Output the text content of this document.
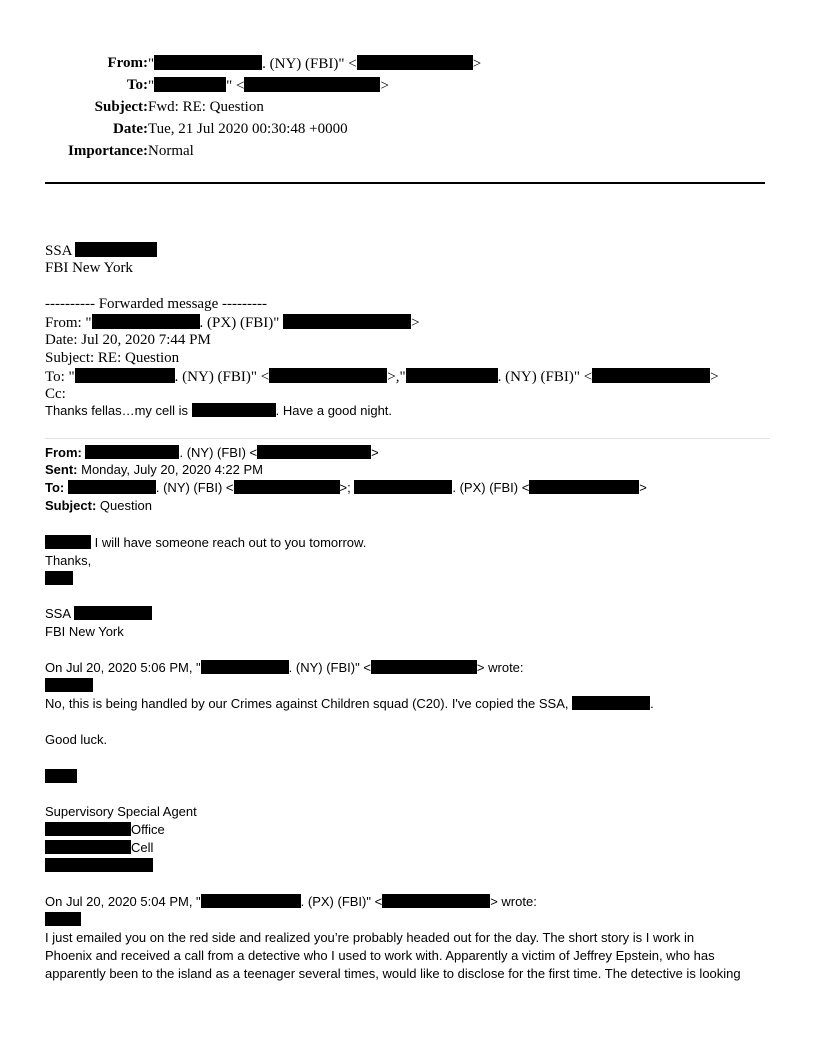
From: "	. (NY) (FBI)" <	>
To: "	" <	>
Subject: Fwd: RE: Question
Date: Tue, 21 Jul 2020 00:30:48 +0000
Importance: Normal
SSA
FBI New York
---------- Forwarded message ---------
From: "	. (PX) (FBI)"	>
Date: Jul 20, 2020 7:44 PM
Subject: RE: Question
To: "	. (NY) (FBI)" <	>,"	. (NY) (FBI)" <	>
Cc:
Thanks fellas…my cell is	. Have a good night.
From:	. (NY) (FBI) <	>
Sent: Monday, July 20, 2020 4:22 PM
To:	. (NY) (FBI) <	>;	. (PX) (FBI) <	>
Subject: Question
I will have someone reach out to you tomorrow.
Thanks,
SSA
FBI New York
On Jul 20, 2020 5:06 PM, "	. (NY) (FBI)" <	> wrote:
No, this is being handled by our Crimes against Children squad (C20). I've copied the SSA,	.
Good luck.
Supervisory Special Agent
Office
Cell
On Jul 20, 2020 5:04 PM, "	. (PX) (FBI)" <	> wrote:
I just emailed you on the red side and realized you’re probably headed out for the day. The short story is I work in
Phoenix and received a call from a detective who I used to work with. Apparently a victim of Jeffrey Epstein, who has
apparently been to the island as a teenager several times, would like to disclose for the first time. The detective is looking
